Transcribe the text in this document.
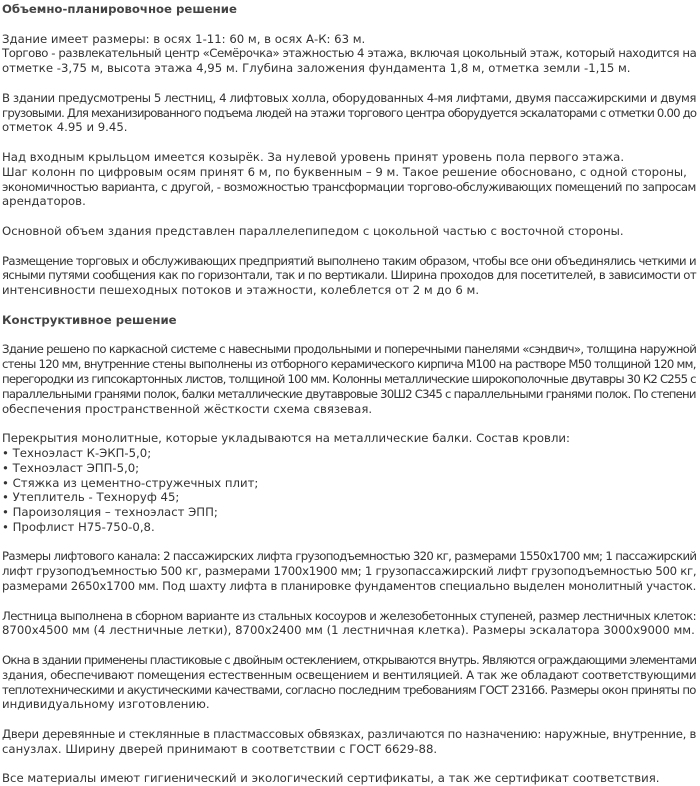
Объемно-планировочное решение

Здание имеет размеры: в осях 1-11: 60 м, в осях А-К: 63 м.
Торгово - развлекательный центр «Семёрочка» этажностью 4 этажа, включая цокольный этаж, который находится на
отметке -3,75 м, высота этажа 4,95 м. Глубина заложения фундамента 1,8 м, отметка земли -1,15 м.

В здании предусмотрены 5 лестниц, 4 лифтовых холла, оборудованных 4-мя лифтами, двумя пассажирскими и двумя
грузовыми. Для механизированного подъема людей на этажи торгового центра оборудуется эскалаторами с отметки 0.00 до
отметок 4.95 и 9.45.

Над входным крыльцом имеется козырёк. За нулевой уровень принят уровень пола первого этажа.
Шаг колонн по цифровым осям принят 6 м, по буквенным – 9 м. Такое решение обосновано, с одной стороны,
экономичностью варианта, с другой, - возможностью трансформации торгово-обслуживающих помещений по запросам
арендаторов.

Основной объем здания представлен параллелепипедом с цокольной частью с восточной стороны.

Размещение торговых и обслуживающих предприятий выполнено таким образом, чтобы все они объединялись четкими и
ясными путями сообщения как по горизонтали, так и по вертикали. Ширина проходов для посетителей, в зависимости от
интенсивности пешеходных потоков и этажности, колеблется от 2 м до 6 м.

Конструктивное решение

Здание решено по каркасной системе с навесными продольными и поперечными панелями «сэндвич», толщина наружной
стены 120 мм, внутренние стены выполнены из отборного керамического кирпича М100 на растворе М50 толщиной 120 мм,
перегородки из гипсокартонных листов, толщиной 100 мм. Колонны металлические широкополочные двутавры 30 К2 С255 с
параллельными гранями полок, балки металлические двутавровые 30Ш2 С345 с параллельными гранями полок. По степени
обеспечения пространственной жёсткости схема связевая.

Перекрытия монолитные, которые укладываются на металлические балки. Состав кровли:
• Техноэласт К-ЭКП-5,0;
• Техноэласт ЭПП-5,0;
• Стяжка из цементно-стружечных плит;
• Утеплитель - Технoруф 45;
• Пароизоляция – техноэласт ЭПП;
• Профлист Н75-750-0,8.

Размеры лифтового канала: 2 пассажирских лифта грузоподъемностью 320 кг, размерами 1550х1700 мм; 1 пассажирский
лифт грузоподъемностью 500 кг, размерами 1700х1900 мм; 1 грузопассажирский лифт грузоподъемностью 500 кг,
размерами 2650х1700 мм. Под шахту лифта в планировке фундаментов специально выделен монолитный участок.

Лестница выполнена в сборном варианте из стальных косоуров и железобетонных ступеней, размер лестничных клеток:
8700х4500 мм (4 лестничные летки), 8700х2400 мм (1 лестничная клетка). Размеры эскалатора 3000х9000 мм.

Окна в здании применены пластиковые с двойным остеклением, открываются внутрь. Являются ограждающими элементами
здания, обеспечивают помещения естественным освещением и вентиляцией. А так же обладают соответствующими
теплотехническими и акустическими качествами, согласно последним требованиям ГОСТ 23166. Размеры окон приняты по
индивидуальному изготовлению.

Двери деревянные и стеклянные в пластмассовых обвязках, различаются по назначению: наружные, внутренние, в
санузлах. Ширину дверей принимают в соответствии с ГОСТ 6629-88.

Все материалы имеют гигиенический и экологический сертификаты, а так же сертификат соответствия.
